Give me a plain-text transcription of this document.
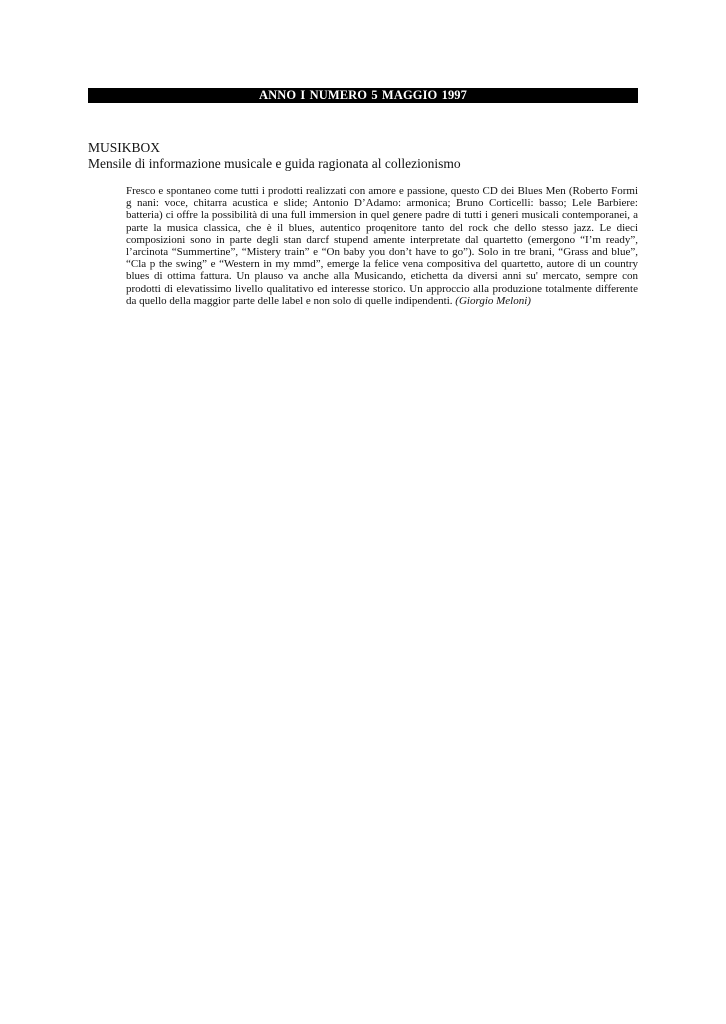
ANNO I NUMERO 5 MAGGIO 1997
MUSIKBOX
Mensile di informazione musicale e guida ragionata al collezionismo

Fresco e spontaneo come tutti i prodotti realizzati con amore e passione, questo CD dei Blues Men (Roberto Formi g nani: voce, chitarra acustica e slide; Antonio D’Adamo: armonica; Bruno Corticelli: basso; Lele Barbiere: batteria) ci offre la possibilità di una full immersion in quel genere padre di tutti i generi musicali contemporanei, a parte la musica classica, che è il blues, autentico proqenitore tanto del rock che dello stesso jazz. Le dieci composizioni sono in parte degli stan darcf stupend amente interpretate dal quartetto (emergono “I’m ready”, l’arcinota “Summertine”, “Mistery train” e “On baby you don’t have to go”). Solo in tre brani, “Grass and blue”, “Cla p the swing” e “Western in my mmd”, emerge la felice vena compositiva del quartetto, autore di un country blues di ottima fattura. Un plauso va anche alla Musicando, etichetta da diversi anni su' mercato, sempre con prodotti di elevatissimo livello qualitativo ed interesse storico. Un approccio alla produzione totalmente differente da quello della maggior parte delle label e non solo di quelle indipendenti. (Giorgio Meloni)
